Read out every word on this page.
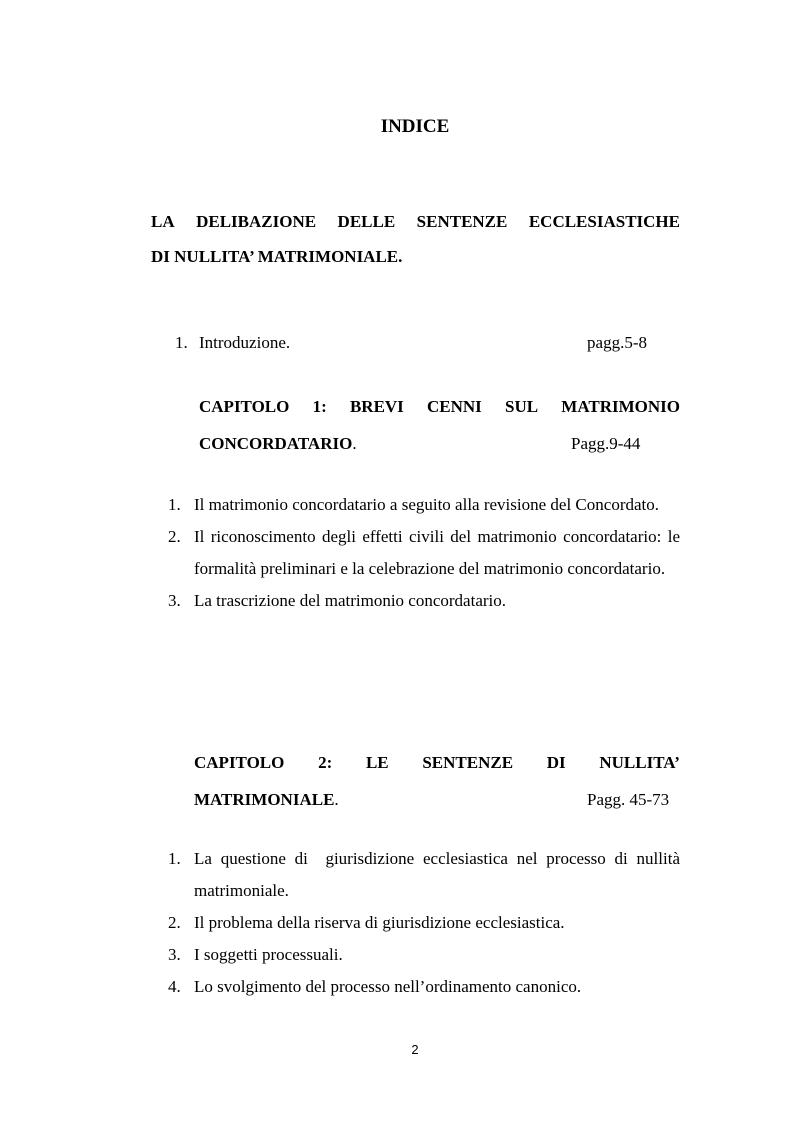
INDICE
LA DELIBAZIONE DELLE SENTENZE ECCLESIASTICHE
DI NULLITA’ MATRIMONIALE.
1. Introduzione.	pagg.5-8
CAPITOLO 1: BREVI CENNI SUL MATRIMONIO
CONCORDATARIO.	Pagg.9-44
1. Il matrimonio concordatario a seguito alla revisione del Concordato.
2. Il riconoscimento degli effetti civili del matrimonio concordatario: le formalità preliminari e la celebrazione del matrimonio concordatario.
3. La trascrizione del matrimonio concordatario.
CAPITOLO 2: LE SENTENZE DI NULLITA’
MATRIMONIALE.	Pagg. 45-73
1. La questione di  giurisdizione ecclesiastica nel processo di nullità matrimoniale.
2. Il problema della riserva di giurisdizione ecclesiastica.
3. I soggetti processuali.
4. Lo svolgimento del processo nell’ordinamento canonico.
2
